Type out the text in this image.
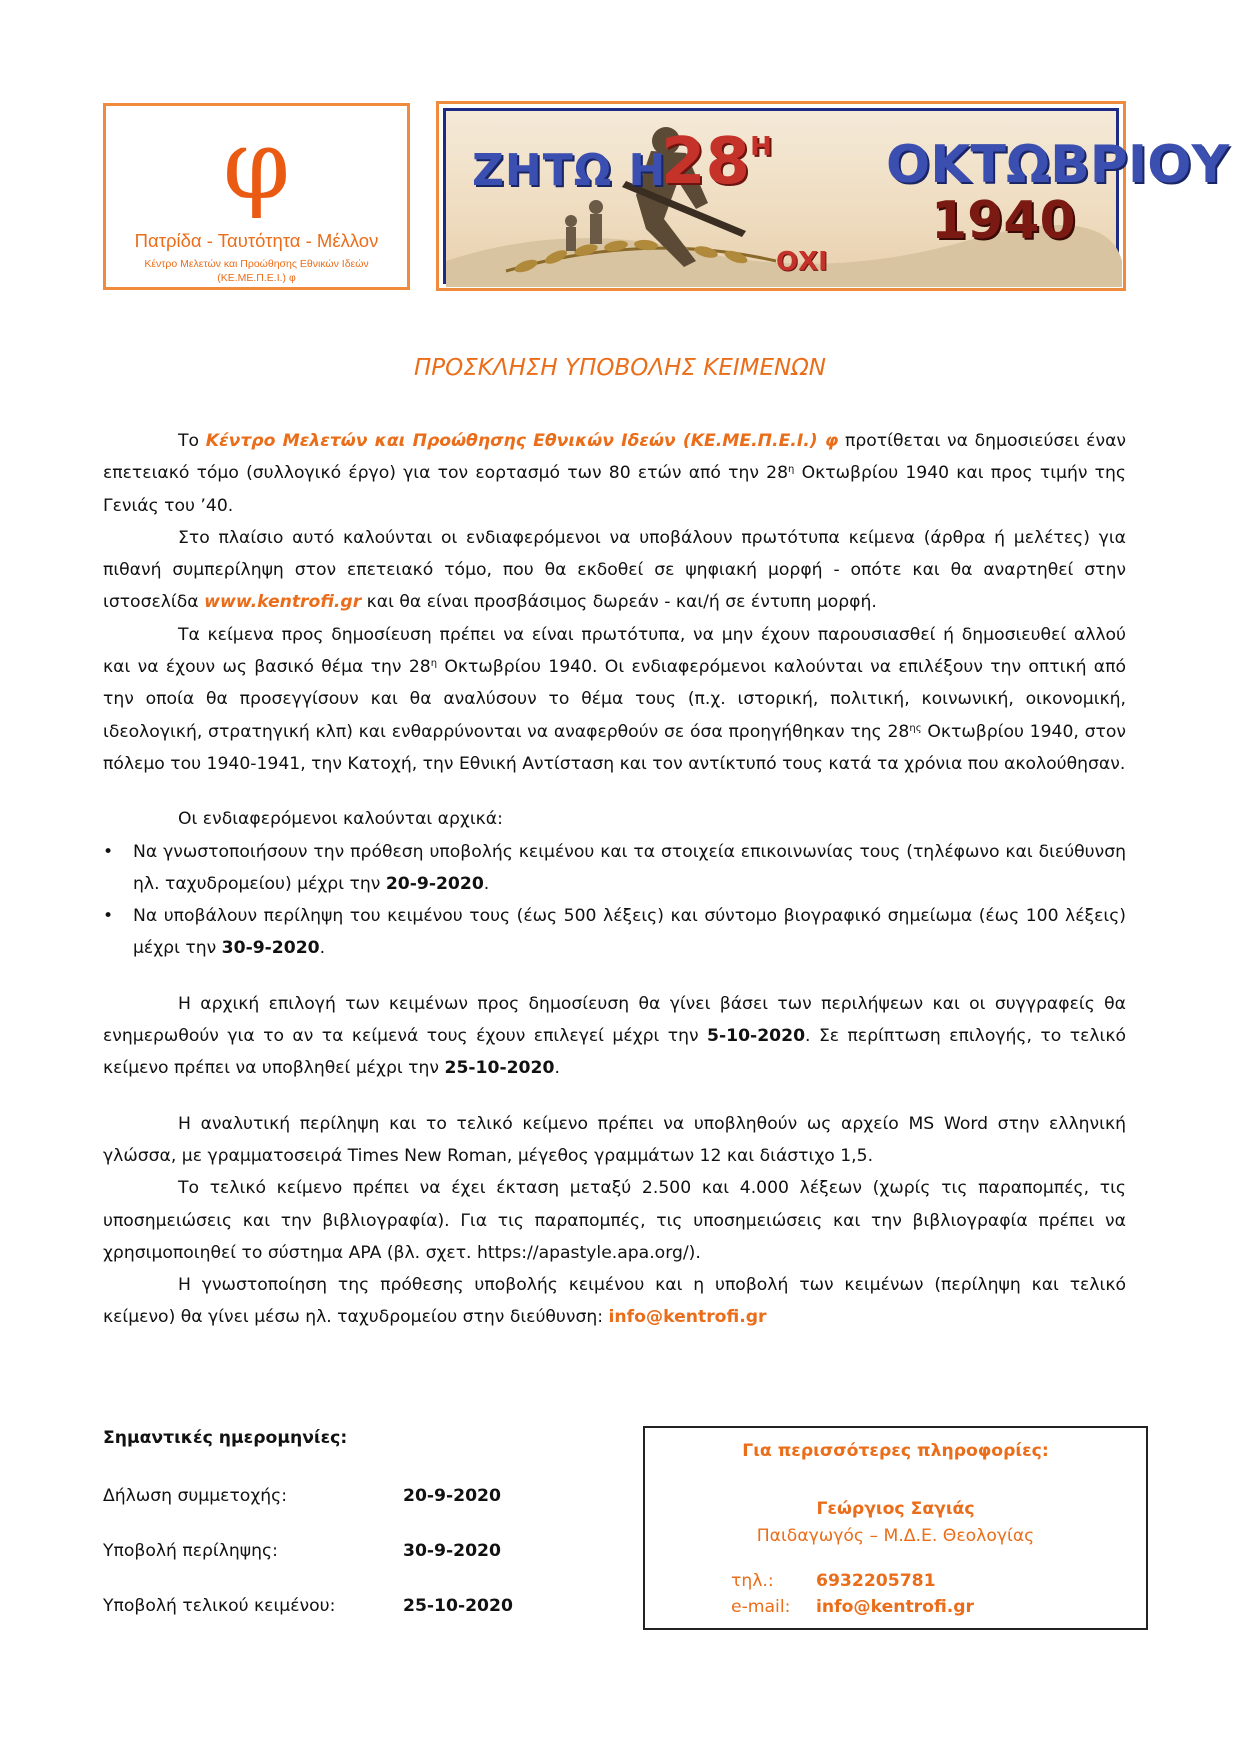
φ
Πατρίδα - Ταυτότητα - Μέλλον
Κέντρο Μελετών και Προώθησης Εθνικών Ιδεών
(ΚΕ.ΜΕ.Π.Ε.Ι.) φ
ΖΗΤΩ Η
$28^H$ ΟΚΤΩΒΡΙΟΥ
1940
ΟΧΙ
ΠΡΟΣΚΛΗΣΗ ΥΠΟΒΟΛΗΣ ΚΕΙΜΕΝΩΝ

Το Κέντρο Μελετών και Προώθησης Εθνικών Ιδεών (ΚΕ.ΜΕ.Π.Ε.Ι.) φ προτίθεται να δημοσιεύσει έναν επετειακό τόμο (συλλογικό έργο) για τον εορτασμό των 80 ετών από την $28^\eta$ Οκτωβρίου 1940 και προς τιμήν της Γενιάς του ’40.

Στο πλαίσιο αυτό καλούνται οι ενδιαφερόμενοι να υποβάλουν πρωτότυπα κείμενα (άρθρα ή μελέτες) για πιθανή συμπερίληψη στον επετειακό τόμο, που θα εκδοθεί σε ψηφιακή μορφή - οπότε και θα αναρτηθεί στην ιστοσελίδα www.kentrofi.gr και θα είναι προσβάσιμος δωρεάν - και/ή σε έντυπη μορφή.

Τα κείμενα προς δημοσίευση πρέπει να είναι πρωτότυπα, να μην έχουν παρουσιασθεί ή δημοσιευθεί αλλού και να έχουν ως βασικό θέμα την $28^\eta$ Οκτωβρίου 1940. Οι ενδιαφερόμενοι καλούνται να επιλέξουν την οπτική από την οποία θα προσεγγίσουν και θα αναλύσουν το θέμα τους (π.χ. ιστορική, πολιτική, κοινωνική, οικονομική, ιδεολογική, στρατηγική κλπ) και ενθαρρύνονται να αναφερθούν σε όσα προηγήθηκαν της $28^{\eta\varsigma}$ Οκτωβρίου 1940, στον πόλεμο του 1940-1941, την Κατοχή, την Εθνική Αντίσταση και τον αντίκτυπό τους κατά τα χρόνια που ακολούθησαν.

Οι ενδιαφερόμενοι καλούνται αρχικά:

• Να γνωστοποιήσουν την πρόθεση υποβολής κειμένου και τα στοιχεία επικοινωνίας τους (τηλέφωνο και διεύθυνση ηλ. ταχυδρομείου) μέχρι την 20-9-2020.
• Να υποβάλουν περίληψη του κειμένου τους (έως 500 λέξεις) και σύντομο βιογραφικό σημείωμα (έως 100 λέξεις) μέχρι την 30-9-2020.

Η αρχική επιλογή των κειμένων προς δημοσίευση θα γίνει βάσει των περιλήψεων και οι συγγραφείς θα ενημερωθούν για το αν τα κείμενά τους έχουν επιλεγεί μέχρι την 5-10-2020. Σε περίπτωση επιλογής, το τελικό κείμενο πρέπει να υποβληθεί μέχρι την 25-10-2020.

Η αναλυτική περίληψη και το τελικό κείμενο πρέπει να υποβληθούν ως αρχείο MS Word στην ελληνική γλώσσα, με γραμματοσειρά Times New Roman, μέγεθος γραμμάτων 12 και διάστιχο 1,5.

Το τελικό κείμενο πρέπει να έχει έκταση μεταξύ 2.500 και 4.000 λέξεων (χωρίς τις παραπομπές, τις υποσημειώσεις και την βιβλιογραφία). Για τις παραπομπές, τις υποσημειώσεις και την βιβλιογραφία πρέπει να χρησιμοποιηθεί το σύστημα APA (βλ. σχετ. https://apastyle.apa.org/).

Η γνωστοποίηση της πρόθεσης υποβολής κειμένου και η υποβολή των κειμένων (περίληψη και τελικό κείμενο) θα γίνει μέσω ηλ. ταχυδρομείου στην διεύθυνση: info@kentrofi.gr

Σημαντικές ημερομηνίες:
Δήλωση συμμετοχής:	20-9-2020
Υποβολή περίληψης:	30-9-2020
Υποβολή τελικού κειμένου:	25-10-2020
Για περισσότερες πληροφορίες:
Γεώργιος Σαγιάς
Παιδαγωγός – Μ.Δ.Ε. Θεολογίας
τηλ.: 6932205781
e-mail: info@kentrofi.gr
